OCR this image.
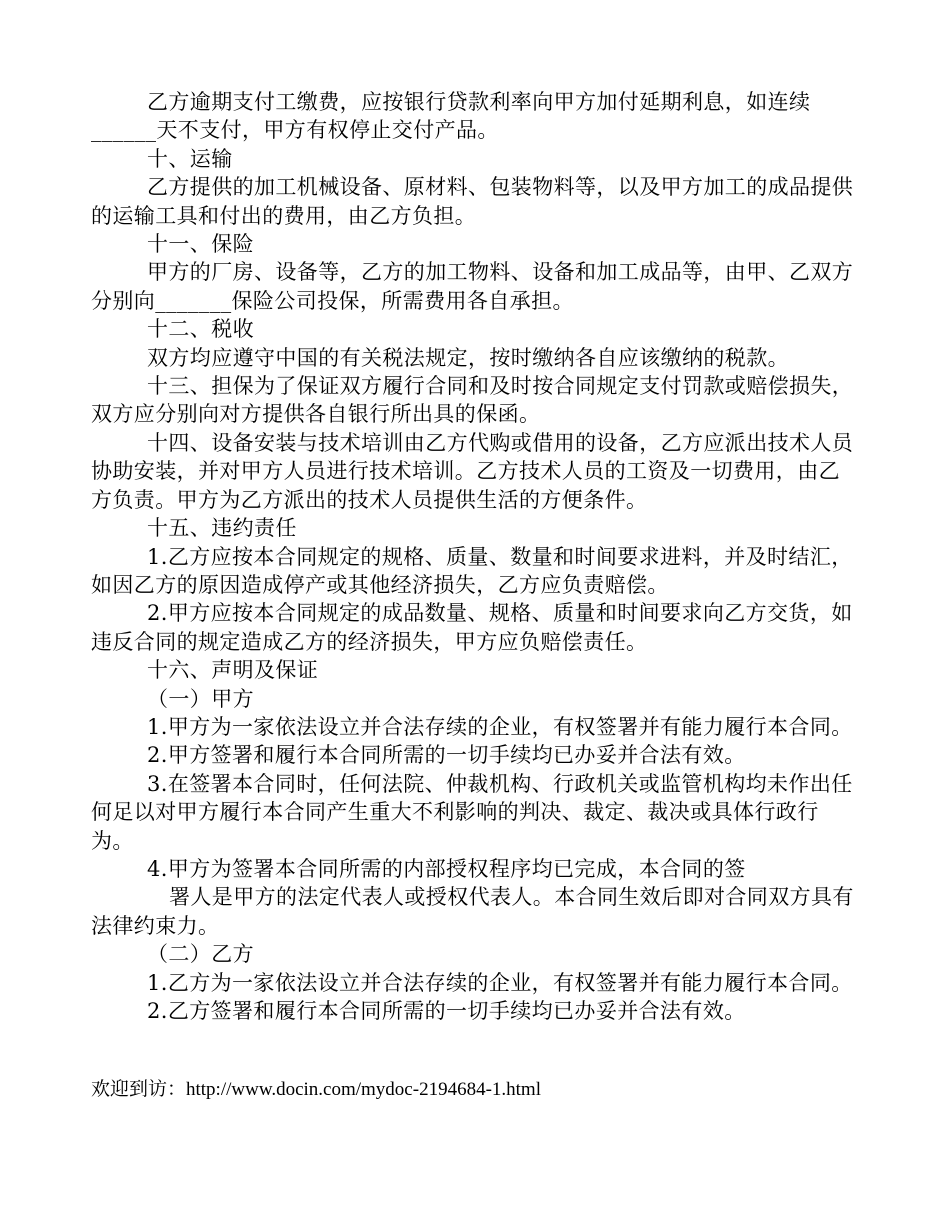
乙方逾期支付工缴费，应按银行贷款利率向甲方加付延期利息，如连续______天不支付，甲方有权停止交付产品。

十、运输

乙方提供的加工机械设备、原材料、包装物料等，以及甲方加工的成品提供的运输工具和付出的费用，由乙方负担。

十一、保险

甲方的厂房、设备等，乙方的加工物料、设备和加工成品等，由甲、乙双方分别向_______保险公司投保，所需费用各自承担。

十二、税收

双方均应遵守中国的有关税法规定，按时缴纳各自应该缴纳的税款。

十三、担保为了保证双方履行合同和及时按合同规定支付罚款或赔偿损失，双方应分别向对方提供各自银行所出具的保函。

十四、设备安装与技术培训由乙方代购或借用的设备，乙方应派出技术人员协助安装，并对甲方人员进行技术培训。乙方技术人员的工资及一切费用，由乙方负责。甲方为乙方派出的技术人员提供生活的方便条件。

十五、违约责任

1.乙方应按本合同规定的规格、质量、数量和时间要求进料，并及时结汇，如因乙方的原因造成停产或其他经济损失，乙方应负责赔偿。

2.甲方应按本合同规定的成品数量、规格、质量和时间要求向乙方交货，如违反合同的规定造成乙方的经济损失，甲方应负赔偿责任。

十六、声明及保证

（一）甲方

1.甲方为一家依法设立并合法存续的企业，有权签署并有能力履行本合同。

2.甲方签署和履行本合同所需的一切手续均已办妥并合法有效。

3.在签署本合同时，任何法院、仲裁机构、行政机关或监管机构均未作出任何足以对甲方履行本合同产生重大不利影响的判决、裁定、裁决或具体行政行为。

4.甲方为签署本合同所需的内部授权程序均已完成，本合同的签

署人是甲方的法定代表人或授权代表人。本合同生效后即对合同双方具有法律约束力。

（二）乙方

1.乙方为一家依法设立并合法存续的企业，有权签署并有能力履行本合同。

2.乙方签署和履行本合同所需的一切手续均已办妥并合法有效。

欢迎到访：http://www.docin.com/mydoc-2194684-1.html
